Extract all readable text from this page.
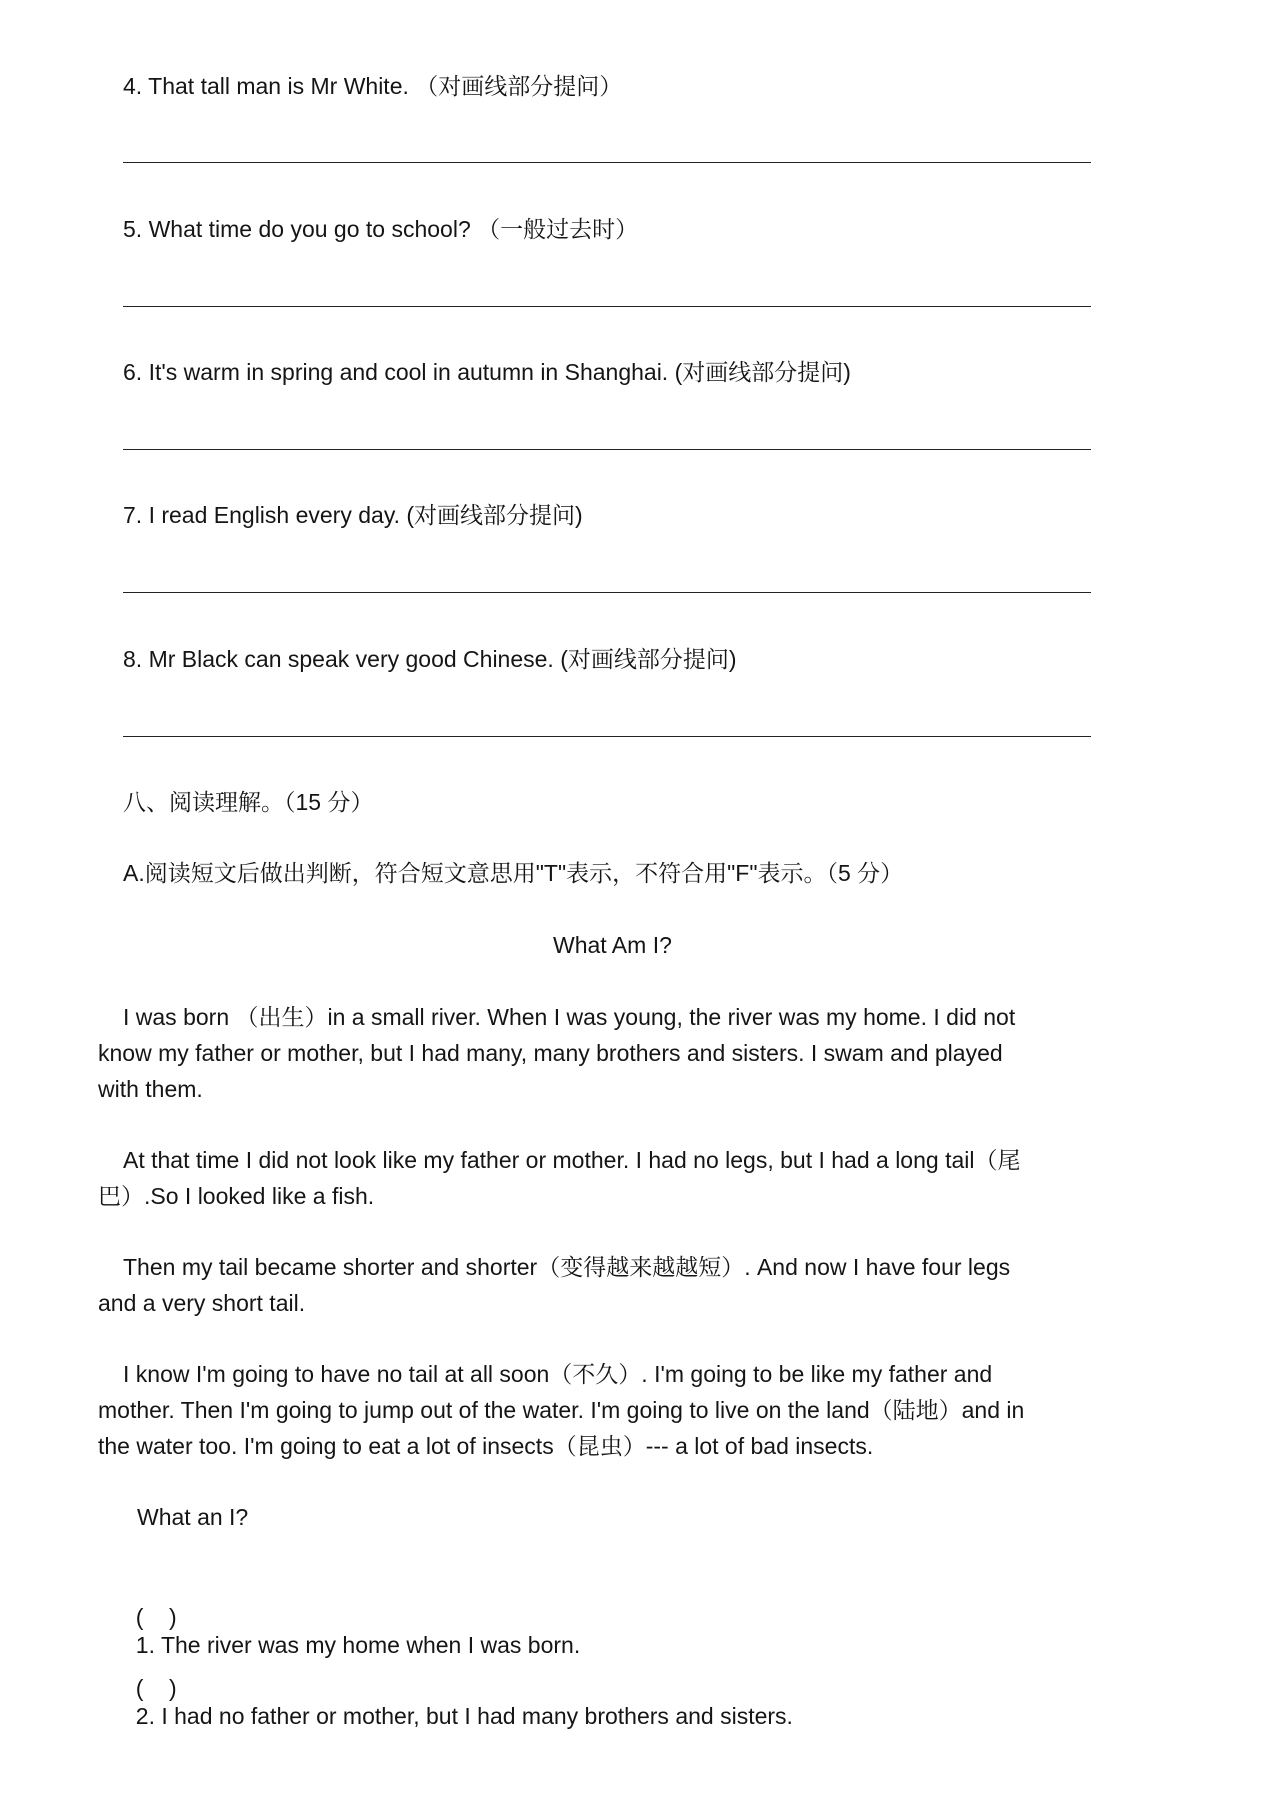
4. That tall man is Mr White. （对画线部分提问）
5. What time do you go to school? （一般过去时）
6. It's warm in spring and cool in autumn in Shanghai. (对画线部分提问)
7. I read English every day. (对画线部分提问)
8. Mr Black can speak very good Chinese. (对画线部分提问)
八、阅读理解。（15 分）
A.阅读短文后做出判断，符合短文意思用"T"表示，不符合用"F"表示。（5 分）
What Am I?
I was born （出生）in a small river. When I was young, the river was my home. I did not
know my father or mother, but I had many, many brothers and sisters. I swam and played
with them.
At that time I did not look like my father or mother. I had no legs, but I had a long tail（尾
巴）.So I looked like a fish.
Then my tail became shorter and shorter（变得越来越越短）. And now I have four legs
and a very short tail.
I know I'm going to have no tail at all soon（不久）. I'm going to be like my father and
mother. Then I'm going to jump out of the water. I'm going to live on the land（陆地）and in
the water too. I'm going to eat a lot of insects（昆虫）--- a lot of bad insects.
What an I?

(    )
1. The river was my home when I was born.

(    )
2. I had no father or mother, but I had many brothers and sisters.
